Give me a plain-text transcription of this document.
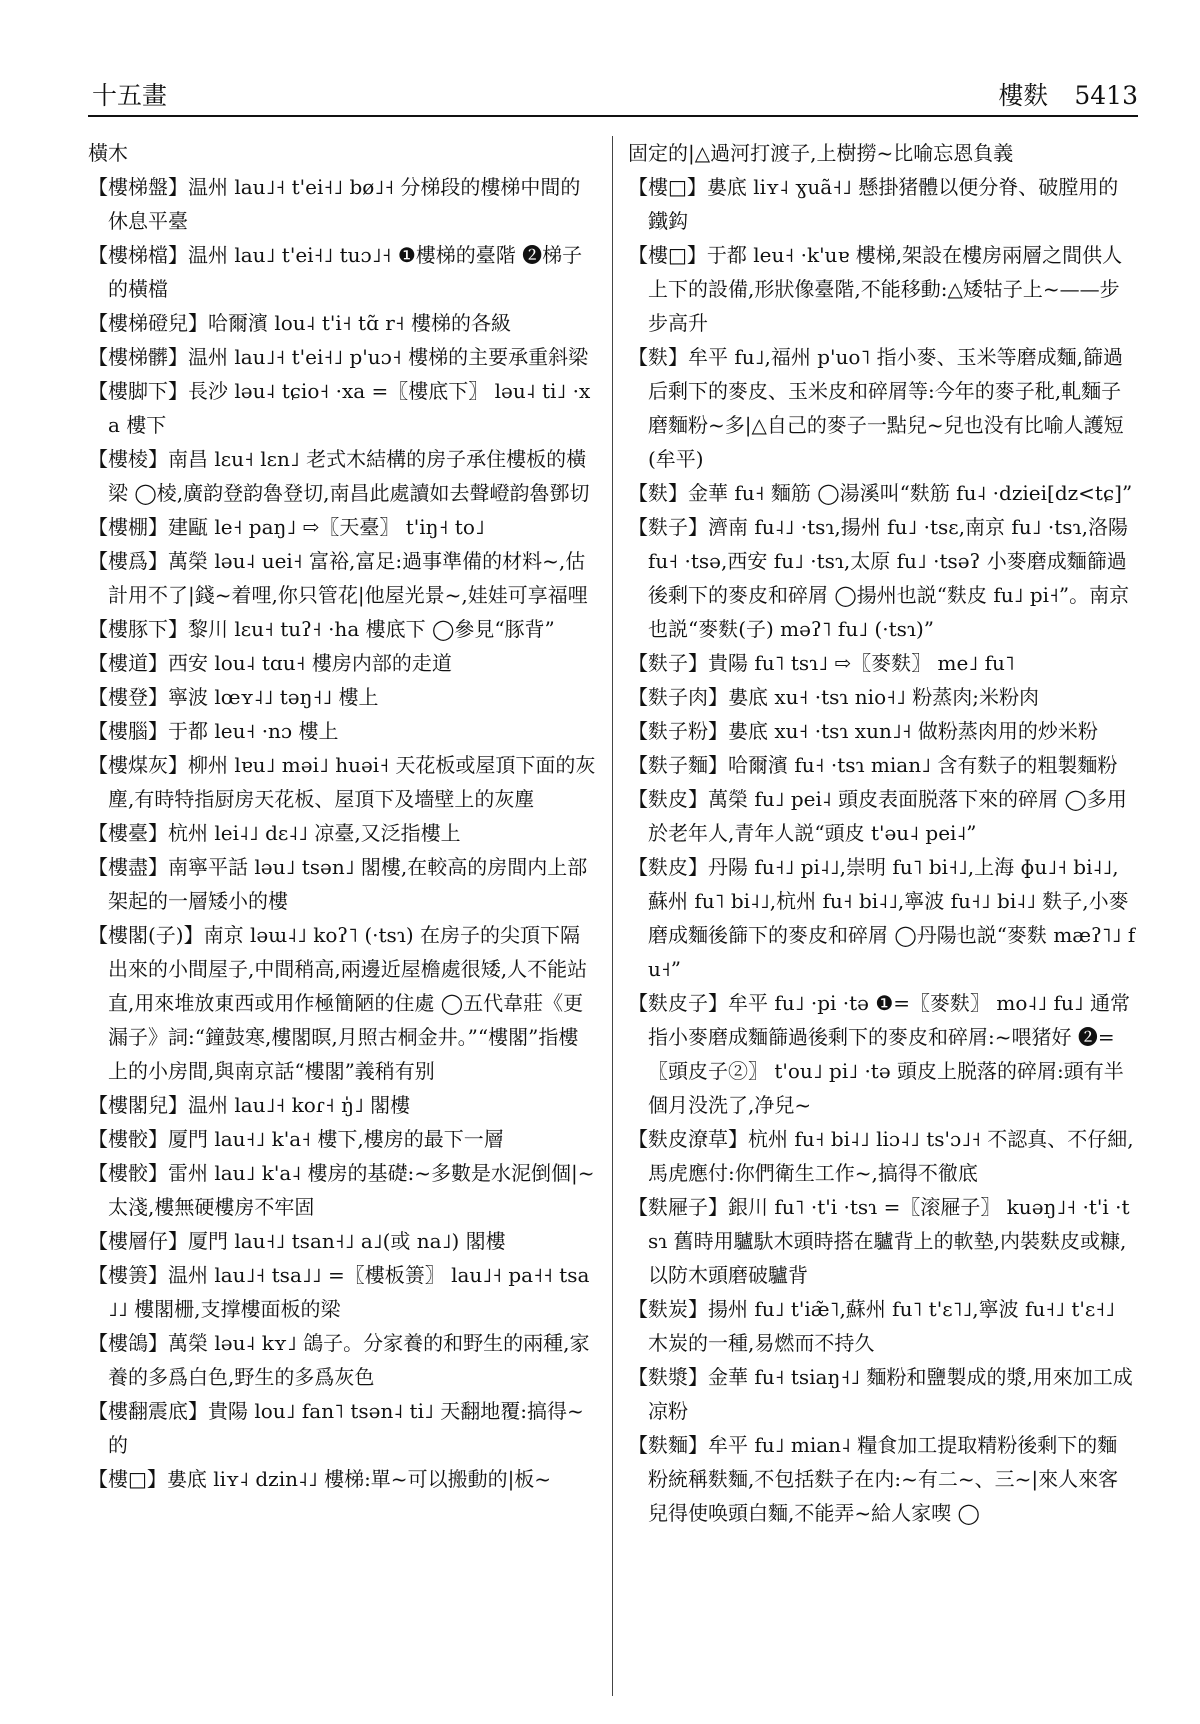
十五畫	樓麩 5413

橫木

【樓梯盤】温州 lau˩˧ t'ei˧˩ bø˩˧ 分梯段的樓梯中間的休息平臺

【樓梯檔】温州 lau˩ t'ei˧˩ tuɔ˩˧ ❶樓梯的臺階 ❷梯子的橫檔

【樓梯磴兒】哈爾濱 lou˨ t'i˧ tɑ̃ r˧ 樓梯的各級

【樓梯髒】温州 lau˩˧ t'ei˧˩ p'uɔ˧ 樓梯的主要承重斜梁

【樓脚下】長沙 ləu˨ tɕio˧ ·xa =〖樓底下〗 ləu˨ ti˩ ·xa 樓下

【樓棱】南昌 lɛu˧ lɛn˩ 老式木結構的房子承住樓板的橫梁 ◯棱,廣韵登韵魯登切,南昌此處讀如去聲嶝韵魯鄧切

【樓棚】建甌 le˧ paŋ˩ ⇨〖天臺〗 t'iŋ˧ to˩

【樓爲】萬榮 ləu˨ uei˧ 富裕,富足:過事準備的材料~,估計用不了|錢~着哩,你只管花|他屋光景~,娃娃可享福哩

【樓豚下】黎川 lɛu˧ tuʔ˧ ·ha 樓底下 ◯參見“豚背”

【樓道】西安 lou˨ tɑu˧ 樓房内部的走道

【樓登】寧波 lœʏ˨˩ təŋ˧˩ 樓上

【樓腦】于都 leu˧ ·nɔ 樓上

【樓煤灰】柳州 lɐu˩ məi˩ huəi˧ 天花板或屋頂下面的灰塵,有時特指厨房天花板、屋頂下及墻壁上的灰塵

【樓臺】杭州 lei˨˩ dɛ˨˩ 凉臺,又泛指樓上

【樓盡】南寧平話 ləu˩ tsən˩ 閣樓,在較高的房間内上部架起的一層矮小的樓

【樓閣(子)】南京 ləɯ˨˩ koʔ˥ (·tsɿ) 在房子的尖頂下隔出來的小間屋子,中間稍高,兩邊近屋檐處很矮,人不能站直,用來堆放東西或用作極簡陋的住處 ◯五代韋莊《更漏子》詞:“鐘鼓寒,樓閣暝,月照古桐金井。”“樓閣”指樓上的小房間,與南京話“樓閣”義稍有别

【樓閣兒】温州 lau˩˧ koɾ˧ ŋ̍˩ 閣樓

【樓骹】厦門 lau˧˩ k'a˧ 樓下,樓房的最下一層

【樓骹】雷州 lau˩ k'a˨ 樓房的基礎:~多數是水泥倒個|~太淺,樓無硬樓房不牢固

【樓層仔】厦門 lau˧˩ tsan˧˩ a˩(或 na˩) 閣樓

【樓箦】温州 lau˩˧ tsa˩˩ =〖樓板箦〗 lau˩˧ pa˧˧ tsa˩˩ 樓閣栅,支撑樓面板的梁

【樓鴿】萬榮 ləu˨ kʏ˩ 鴿子。分家養的和野生的兩種,家養的多爲白色,野生的多爲灰色

【樓翻震底】貴陽 lou˩ fan˥ tsən˨ ti˩ 天翻地覆:搞得~的

【樓□】婁底 liʏ˨ dzin˨˩ 樓梯:單~可以搬動的|板~

固定的|△過河打渡子,上樹撈~比喻忘恩負義

【樓□】婁底 liʏ˨ ɣuã˧˩ 懸掛猪體以便分脊、破膛用的鐵鈎

【樓□】于都 leu˧ ·k'uɐ 樓梯,架設在樓房兩層之間供人上下的設備,形狀像臺階,不能移動:△矮牯子上~——步步高升

【麩】牟平 fu˩,福州 p'uo˥ 指小麥、玉米等磨成麵,篩過后剩下的麥皮、玉米皮和碎屑等:今年的麥子秕,軋麵子磨麵粉~多|△自己的麥子一點兒~兒也没有比喻人護短(牟平)

【麩】金華 fu˧ 麵筋 ◯湯溪叫“麩筋 fu˨ ·dziei[dz<tɕ]”

【麩子】濟南 fu˨˩ ·tsɿ,揚州 fu˩ ·tsɛ,南京 fu˩ ·tsɿ,洛陽 fu˧ ·tsə,西安 fu˩ ·tsɿ,太原 fu˩ ·tsəʔ 小麥磨成麵篩過後剩下的麥皮和碎屑 ◯揚州也説“麩皮 fu˩ pi˧”。南京也説“麥麩(子) məʔ˥ fu˩ (·tsɿ)”

【麩子】貴陽 fu˥ tsɿ˩ ⇨〖麥麩〗 me˩ fu˥

【麩子肉】婁底 xu˧ ·tsɿ nio˧˩ 粉蒸肉;米粉肉

【麩子粉】婁底 xu˧ ·tsɿ xun˩˧ 做粉蒸肉用的炒米粉

【麩子麵】哈爾濱 fu˧ ·tsɿ mian˩ 含有麩子的粗製麵粉

【麩皮】萬榮 fu˩ pei˨ 頭皮表面脱落下來的碎屑 ◯多用於老年人,青年人説“頭皮 t'əu˨ pei˨”

【麩皮】丹陽 fu˧˩ pi˨˩,崇明 fu˥ bi˧˩,上海 ɸu˩˧ bi˨˩,蘇州 fu˥ bi˨˩,杭州 fu˧ bi˨˩,寧波 fu˧˩ bi˨˩ 麩子,小麥磨成麵後篩下的麥皮和碎屑 ◯丹陽也説“麥麩 mæʔ˥˩ fu˧”

【麩皮子】牟平 fu˩ ·pi ·tə ❶=〖麥麩〗 mo˨˩ fu˩ 通常指小麥磨成麵篩過後剩下的麥皮和碎屑:~喂猪好 ❷=〖頭皮子②〗 t'ou˩ pi˩ ·tə 頭皮上脱落的碎屑:頭有半個月没洗了,净兒~

【麩皮潦草】杭州 fu˧ bi˨˩ liɔ˨˩ ts'ɔ˩˧ 不認真、不仔細,馬虎應付:你們衛生工作~,搞得不徹底

【麩屜子】銀川 fu˥ ·t'i ·tsɿ =〖滚屜子〗 kuəŋ˩˧ ·t'i ·tsɿ 舊時用驢馱木頭時搭在驢背上的軟墊,内裝麩皮或糠,以防木頭磨破驢背

【麩炭】揚州 fu˩ t'iæ̃˥,蘇州 fu˥ t'ɛ˥˩,寧波 fu˧˩ t'ɛ˧˩ 木炭的一種,易燃而不持久

【麩漿】金華 fu˧ tsiaŋ˧˩ 麵粉和鹽製成的漿,用來加工成凉粉

【麩麵】牟平 fu˩ mian˨ 糧食加工提取精粉後剩下的麵粉統稱麩麵,不包括麩子在内:~有二~、三~|來人來客兒得使唤頭白麵,不能弄~給人家喫 ◯
